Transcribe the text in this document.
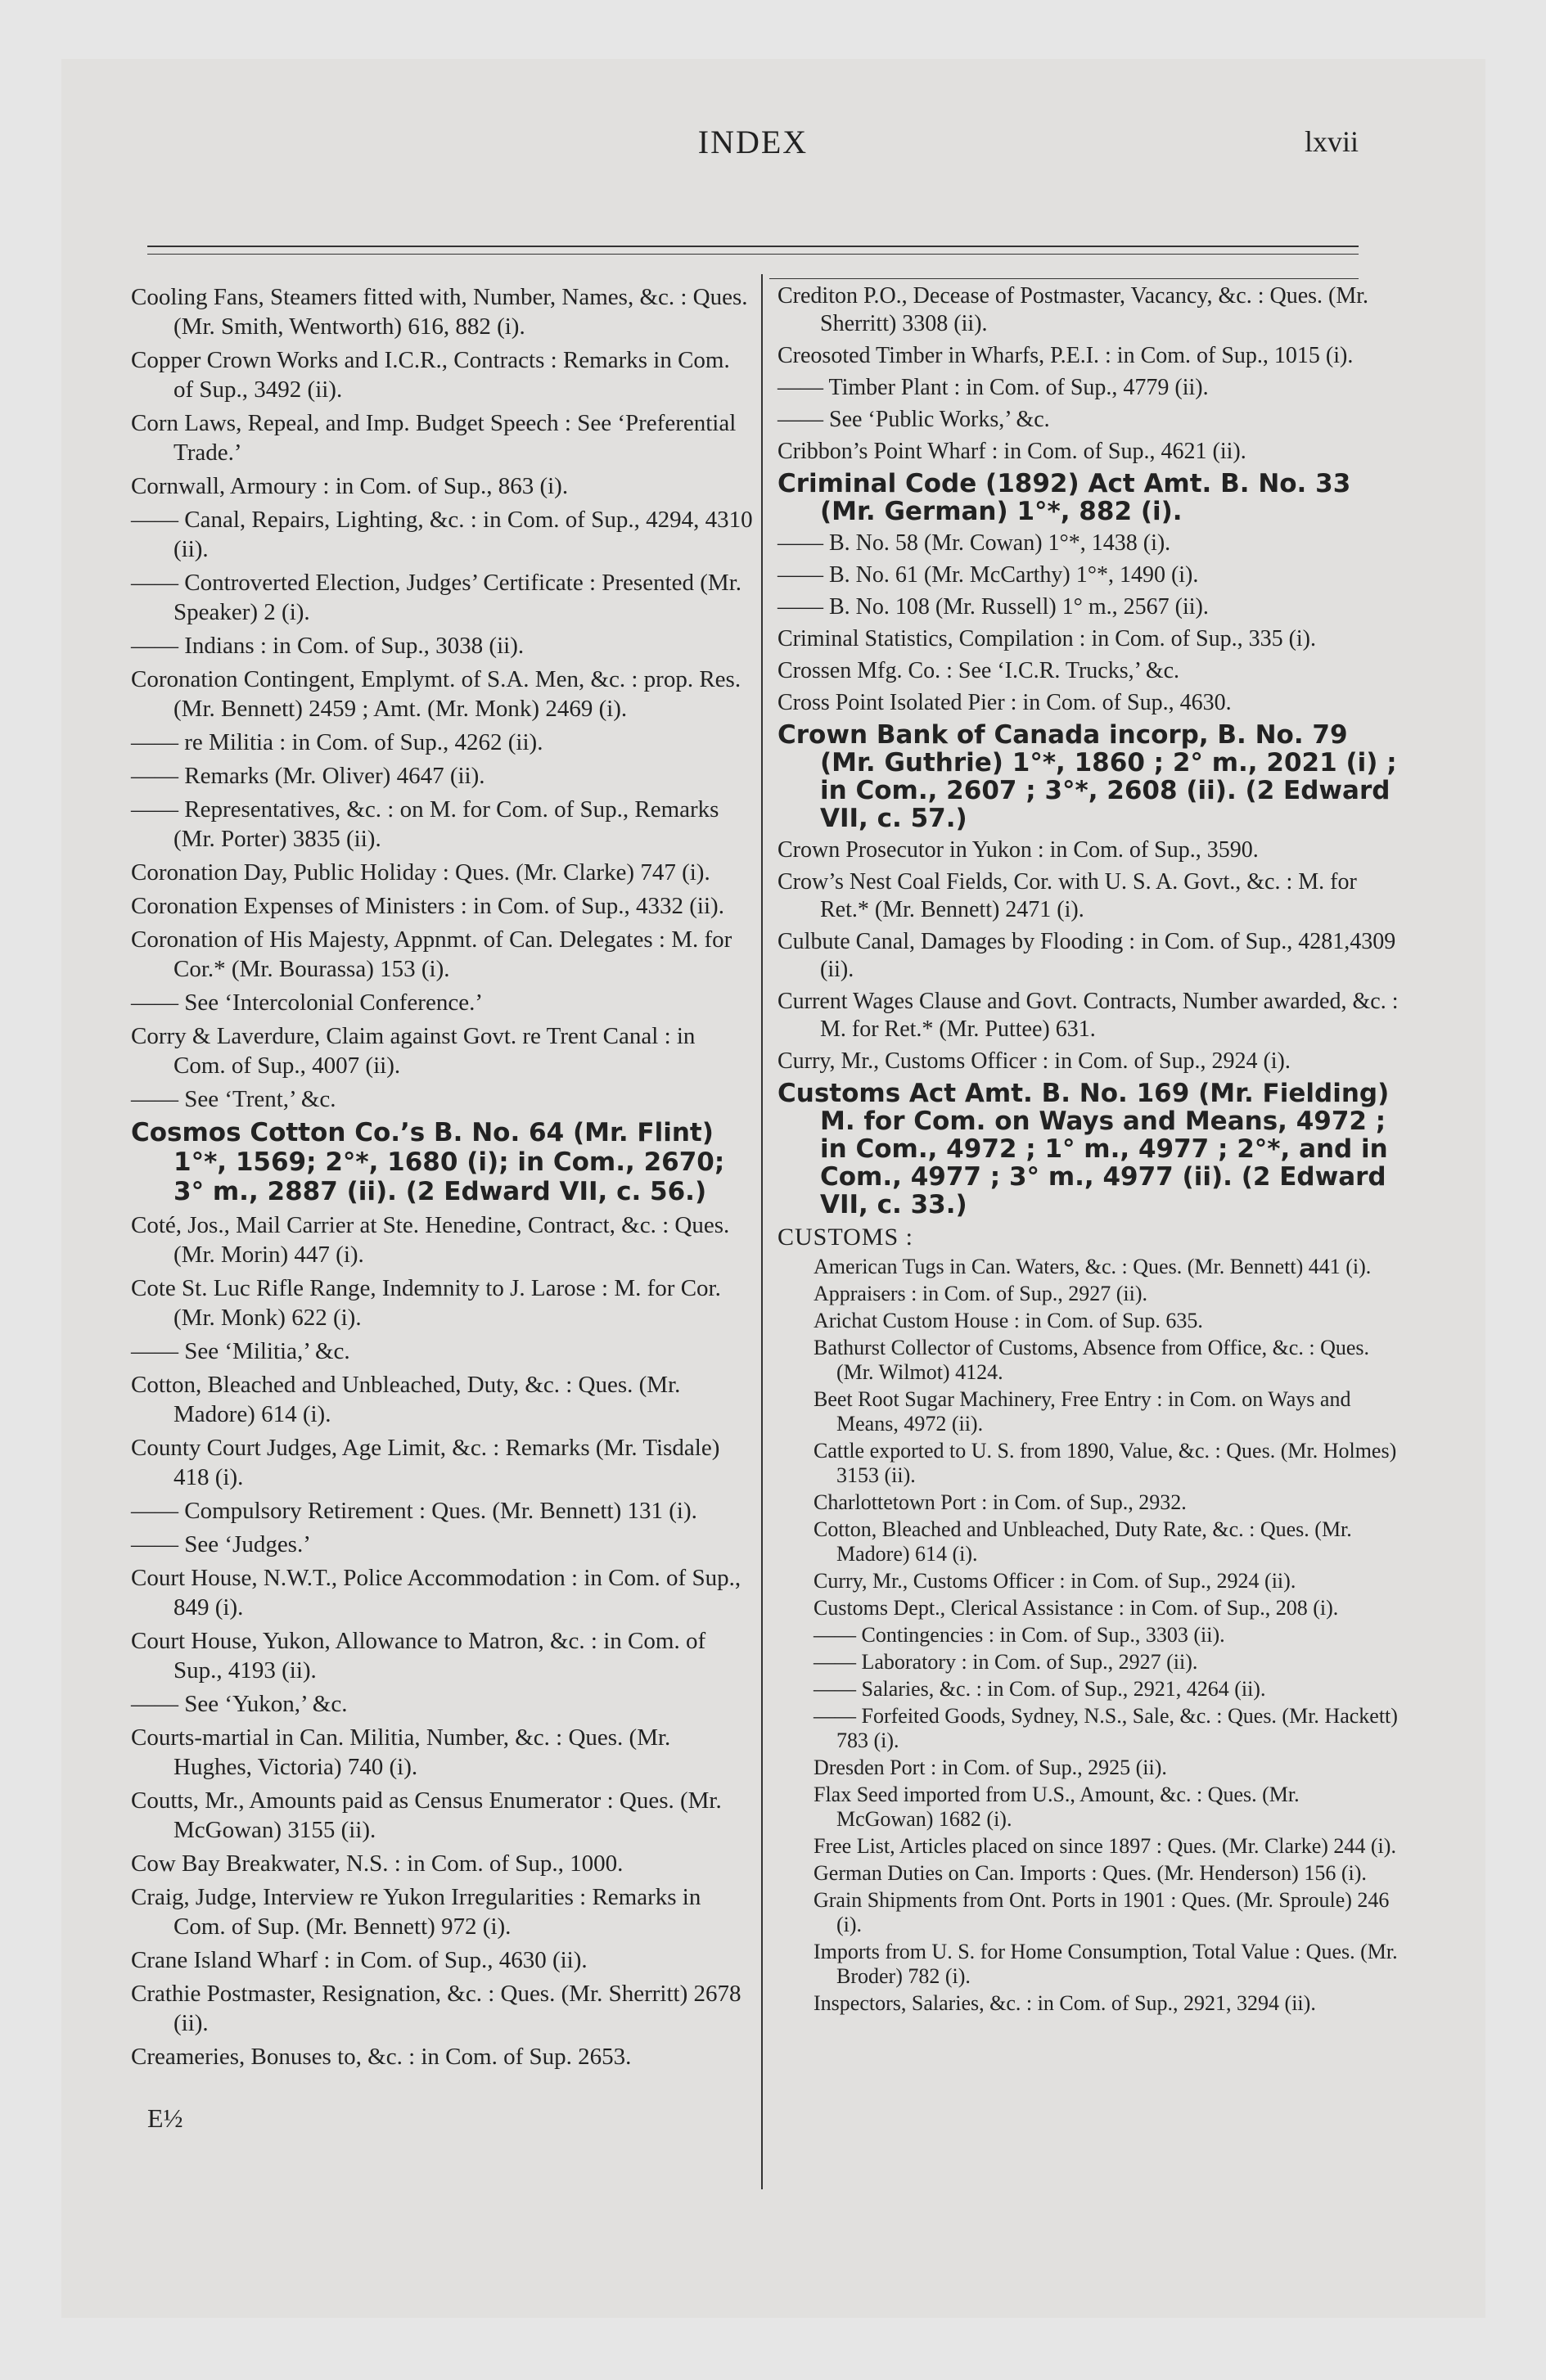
INDEX	lxvii

Cooling Fans, Steamers fitted with, Number, Names, &c. : Ques. (Mr. Smith, Wentworth) 616, 882 (i).

Copper Crown Works and I.C.R., Contracts : Remarks in Com. of Sup., 3492 (ii).

Corn Laws, Repeal, and Imp. Budget Speech : See ‘Preferential Trade.’

Cornwall, Armoury : in Com. of Sup., 863 (i).

—— Canal, Repairs, Lighting, &c. : in Com. of Sup., 4294, 4310 (ii).

—— Controverted Election, Judges’ Certificate : Presented (Mr. Speaker) 2 (i).

—— Indians : in Com. of Sup., 3038 (ii).

Coronation Contingent, Emplymt. of S.A. Men, &c. : prop. Res. (Mr. Bennett) 2459 ; Amt. (Mr. Monk) 2469 (i).

—— re Militia : in Com. of Sup., 4262 (ii).

—— Remarks (Mr. Oliver) 4647 (ii).

—— Representatives, &c. : on M. for Com. of Sup., Remarks (Mr. Porter) 3835 (ii).

Coronation Day, Public Holiday : Ques. (Mr. Clarke) 747 (i).

Coronation Expenses of Ministers : in Com. of Sup., 4332 (ii).

Coronation of His Majesty, Appnmt. of Can. Delegates : M. for Cor.* (Mr. Bourassa) 153 (i).

—— See ‘Intercolonial Conference.’

Corry & Laverdure, Claim against Govt. re Trent Canal : in Com. of Sup., 4007 (ii).

—— See ‘Trent,’ &c.

Cosmos Cotton Co.’s B. No. 64 (Mr. Flint) 1°*, 1569; 2°*, 1680 (i); in Com., 2670; 3° m., 2887 (ii). (2 Edward VII, c. 56.)

Coté, Jos., Mail Carrier at Ste. Henedine, Contract, &c. : Ques. (Mr. Morin) 447 (i).

Cote St. Luc Rifle Range, Indemnity to J. Larose : M. for Cor. (Mr. Monk) 622 (i).

—— See ‘Militia,’ &c.

Cotton, Bleached and Unbleached, Duty, &c. : Ques. (Mr. Madore) 614 (i).

County Court Judges, Age Limit, &c. : Remarks (Mr. Tisdale) 418 (i).

—— Compulsory Retirement : Ques. (Mr. Bennett) 131 (i).

—— See ‘Judges.’

Court House, N.W.T., Police Accommodation : in Com. of Sup., 849 (i).

Court House, Yukon, Allowance to Matron, &c. : in Com. of Sup., 4193 (ii).

—— See ‘Yukon,’ &c.

Courts-martial in Can. Militia, Number, &c. : Ques. (Mr. Hughes, Victoria) 740 (i).

Coutts, Mr., Amounts paid as Census Enumerator : Ques. (Mr. McGowan) 3155 (ii).

Cow Bay Breakwater, N.S. : in Com. of Sup., 1000.

Craig, Judge, Interview re Yukon Irregularities : Remarks in Com. of Sup. (Mr. Bennett) 972 (i).

Crane Island Wharf : in Com. of Sup., 4630 (ii).

Crathie Postmaster, Resignation, &c. : Ques. (Mr. Sherritt) 2678 (ii).

Creameries, Bonuses to, &c. : in Com. of Sup. 2653.

Crediton P.O., Decease of Postmaster, Vacancy, &c. : Ques. (Mr. Sherritt) 3308 (ii).

Creosoted Timber in Wharfs, P.E.I. : in Com. of Sup., 1015 (i).

—— Timber Plant : in Com. of Sup., 4779 (ii).

—— See ‘Public Works,’ &c.

Cribbon’s Point Wharf : in Com. of Sup., 4621 (ii).

Criminal Code (1892) Act Amt. B. No. 33 (Mr. German) 1°*, 882 (i).

—— B. No. 58 (Mr. Cowan) 1°*, 1438 (i).

—— B. No. 61 (Mr. McCarthy) 1°*, 1490 (i).

—— B. No. 108 (Mr. Russell) 1° m., 2567 (ii).

Criminal Statistics, Compilation : in Com. of Sup., 335 (i).

Crossen Mfg. Co. : See ‘I.C.R. Trucks,’ &c.

Cross Point Isolated Pier : in Com. of Sup., 4630.

Crown Bank of Canada incorp, B. No. 79 (Mr. Guthrie) 1°*, 1860 ; 2° m., 2021 (i) ; in Com., 2607 ; 3°*, 2608 (ii). (2 Edward VII, c. 57.)

Crown Prosecutor in Yukon : in Com. of Sup., 3590.

Crow’s Nest Coal Fields, Cor. with U. S. A. Govt., &c. : M. for Ret.* (Mr. Bennett) 2471 (i).

Culbute Canal, Damages by Flooding : in Com. of Sup., 4281,4309 (ii).

Current Wages Clause and Govt. Contracts, Number awarded, &c. : M. for Ret.* (Mr. Puttee) 631.

Curry, Mr., Customs Officer : in Com. of Sup., 2924 (i).

Customs Act Amt. B. No. 169 (Mr. Fielding) M. for Com. on Ways and Means, 4972 ; in Com., 4972 ; 1° m., 4977 ; 2°*, and in Com., 4977 ; 3° m., 4977 (ii). (2 Edward VII, c. 33.)

CUSTOMS :

American Tugs in Can. Waters, &c. : Ques. (Mr. Bennett) 441 (i).

Appraisers : in Com. of Sup., 2927 (ii).

Arichat Custom House : in Com. of Sup. 635.

Bathurst Collector of Customs, Absence from Office, &c. : Ques. (Mr. Wilmot) 4124.

Beet Root Sugar Machinery, Free Entry : in Com. on Ways and Means, 4972 (ii).

Cattle exported to U. S. from 1890, Value, &c. : Ques. (Mr. Holmes) 3153 (ii).

Charlottetown Port : in Com. of Sup., 2932.

Cotton, Bleached and Unbleached, Duty Rate, &c. : Ques. (Mr. Madore) 614 (i).

Curry, Mr., Customs Officer : in Com. of Sup., 2924 (ii).

Customs Dept., Clerical Assistance : in Com. of Sup., 208 (i).

—— Contingencies : in Com. of Sup., 3303 (ii).

—— Laboratory : in Com. of Sup., 2927 (ii).

—— Salaries, &c. : in Com. of Sup., 2921, 4264 (ii).

—— Forfeited Goods, Sydney, N.S., Sale, &c. : Ques. (Mr. Hackett) 783 (i).

Dresden Port : in Com. of Sup., 2925 (ii).

Flax Seed imported from U.S., Amount, &c. : Ques. (Mr. McGowan) 1682 (i).

Free List, Articles placed on since 1897 : Ques. (Mr. Clarke) 244 (i).

German Duties on Can. Imports : Ques. (Mr. Henderson) 156 (i).

Grain Shipments from Ont. Ports in 1901 : Ques. (Mr. Sproule) 246 (i).

Imports from U. S. for Home Consumption, Total Value : Ques. (Mr. Broder) 782 (i).

Inspectors, Salaries, &c. : in Com. of Sup., 2921, 3294 (ii).

E½
